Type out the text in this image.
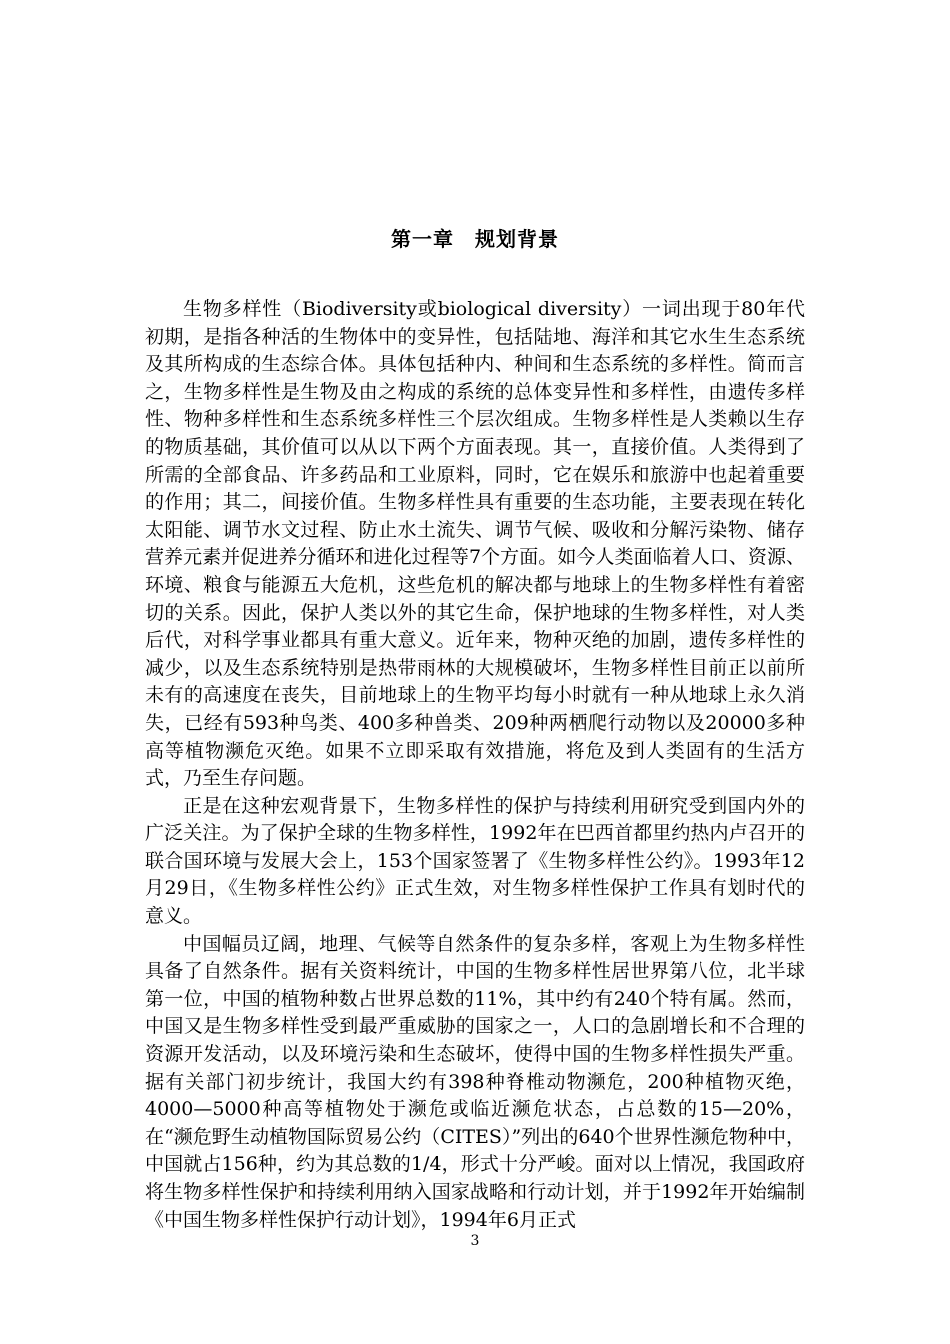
第一章　规划背景

生物多样性（Biodiversity或biological diversity）一词出现于80年代初期，是指各种活的生物体中的变异性，包括陆地、海洋和其它水生生态系统及其所构成的生态综合体。具体包括种内、种间和生态系统的多样性。简而言之，生物多样性是生物及由之构成的系统的总体变异性和多样性，由遗传多样性、物种多样性和生态系统多样性三个层次组成。生物多样性是人类赖以生存的物质基础，其价值可以从以下两个方面表现。其一，直接价值。人类得到了所需的全部食品、许多药品和工业原料，同时，它在娱乐和旅游中也起着重要的作用；其二，间接价值。生物多样性具有重要的生态功能，主要表现在转化太阳能、调节水文过程、防止水土流失、调节气候、吸收和分解污染物、储存营养元素并促进养分循环和进化过程等7个方面。如今人类面临着人口、资源、环境、粮食与能源五大危机，这些危机的解决都与地球上的生物多样性有着密切的关系。因此，保护人类以外的其它生命，保护地球的生物多样性，对人类后代，对科学事业都具有重大意义。近年来，物种灭绝的加剧，遗传多样性的减少，以及生态系统特别是热带雨林的大规模破坏，生物多样性目前正以前所未有的高速度在丧失，目前地球上的生物平均每小时就有一种从地球上永久消失，已经有593种鸟类、400多种兽类、209种两栖爬行动物以及20000多种高等植物濒危灭绝。如果不立即采取有效措施，将危及到人类固有的生活方式，乃至生存问题。

正是在这种宏观背景下，生物多样性的保护与持续利用研究受到国内外的广泛关注。为了保护全球的生物多样性，1992年在巴西首都里约热内卢召开的联合国环境与发展大会上，153个国家签署了《生物多样性公约》。1993年12月29日，《生物多样性公约》正式生效，对生物多样性保护工作具有划时代的意义。

中国幅员辽阔，地理、气候等自然条件的复杂多样，客观上为生物多样性具备了自然条件。据有关资料统计，中国的生物多样性居世界第八位，北半球第一位，中国的植物种数占世界总数的11%，其中约有240个特有属。然而，中国又是生物多样性受到最严重威胁的国家之一，人口的急剧增长和不合理的资源开发活动，以及环境污染和生态破坏，使得中国的生物多样性损失严重。据有关部门初步统计，我国大约有398种脊椎动物濒危，200种植物灭绝，4000—5000种高等植物处于濒危或临近濒危状态，占总数的15—20%，在“濒危野生动植物国际贸易公约（CITES）”列出的640个世界性濒危物种中，中国就占156种，约为其总数的1/4，形式十分严峻。面对以上情况，我国政府将生物多样性保护和持续利用纳入国家战略和行动计划，并于1992年开始编制《中国生物多样性保护行动计划》，1994年6月正式

3
